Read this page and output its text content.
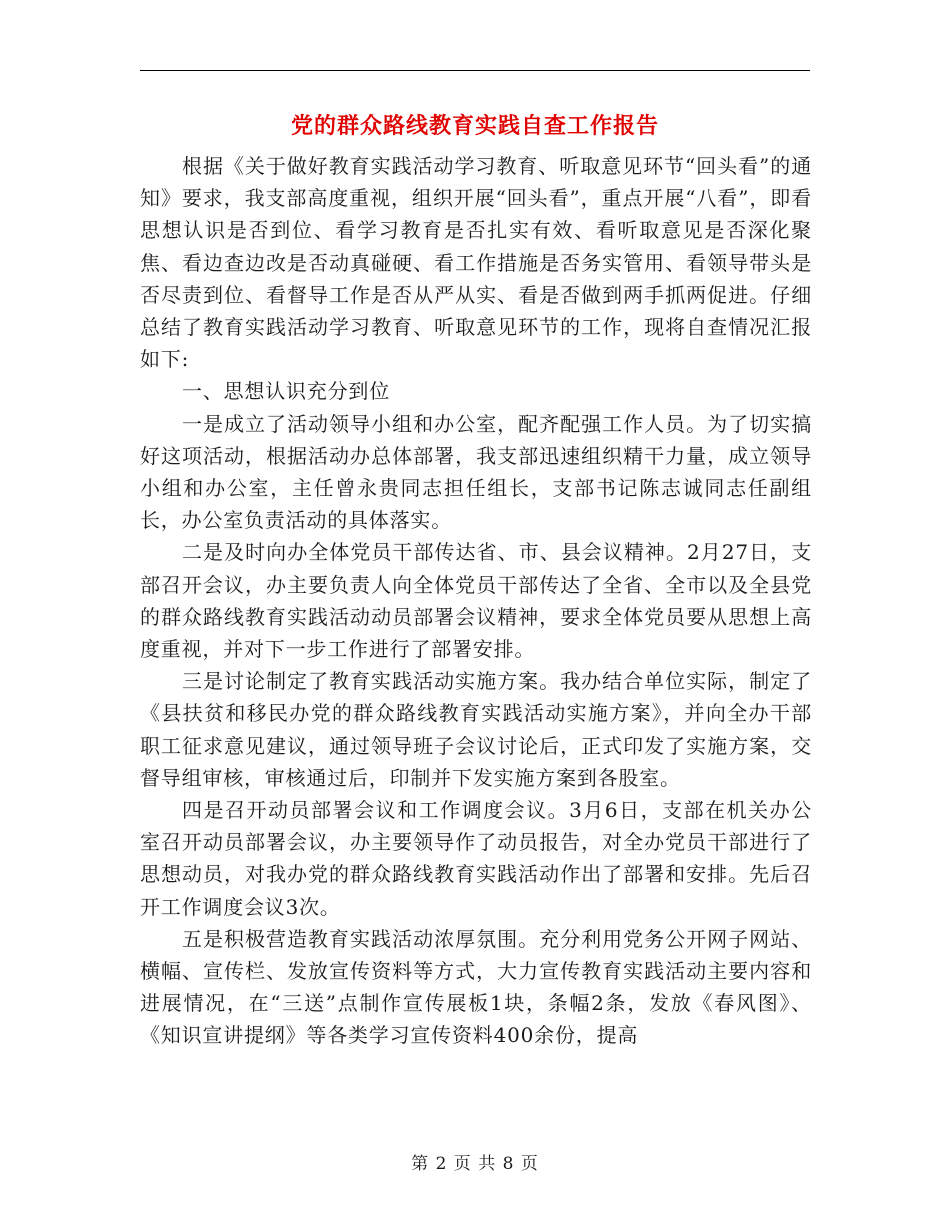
党的群众路线教育实践自查工作报告

根据《关于做好教育实践活动学习教育、听取意见环节“回头看”的通知》要求，我支部高度重视，组织开展“回头看”，重点开展“八看”，即看思想认识是否到位、看学习教育是否扎实有效、看听取意见是否深化聚焦、看边查边改是否动真碰硬、看工作措施是否务实管用、看领导带头是否尽责到位、看督导工作是否从严从实、看是否做到两手抓两促进。仔细总结了教育实践活动学习教育、听取意见环节的工作，现将自查情况汇报如下:

一、思想认识充分到位

一是成立了活动领导小组和办公室，配齐配强工作人员。为了切实搞好这项活动，根据活动办总体部署，我支部迅速组织精干力量，成立领导小组和办公室，主任曾永贵同志担任组长，支部书记陈志诚同志任副组长，办公室负责活动的具体落实。

二是及时向办全体党员干部传达省、市、县会议精神。2月27日，支部召开会议，办主要负责人向全体党员干部传达了全省、全市以及全县党的群众路线教育实践活动动员部署会议精神，要求全体党员要从思想上高度重视，并对下一步工作进行了部署安排。

三是讨论制定了教育实践活动实施方案。我办结合单位实际，制定了《县扶贫和移民办党的群众路线教育实践活动实施方案》，并向全办干部职工征求意见建议，通过领导班子会议讨论后，正式印发了实施方案，交督导组审核，审核通过后，印制并下发实施方案到各股室。

四是召开动员部署会议和工作调度会议。3月6日，支部在机关办公室召开动员部署会议，办主要领导作了动员报告，对全办党员干部进行了思想动员，对我办党的群众路线教育实践活动作出了部署和安排。先后召开工作调度会议3次。

五是积极营造教育实践活动浓厚氛围。充分利用党务公开网子网站、横幅、宣传栏、发放宣传资料等方式，大力宣传教育实践活动主要内容和进展情况，在“三送”点制作宣传展板1块，条幅2条，发放《春风图》、《知识宣讲提纲》等各类学习宣传资料400余份，提高

第 2 页 共 8 页
